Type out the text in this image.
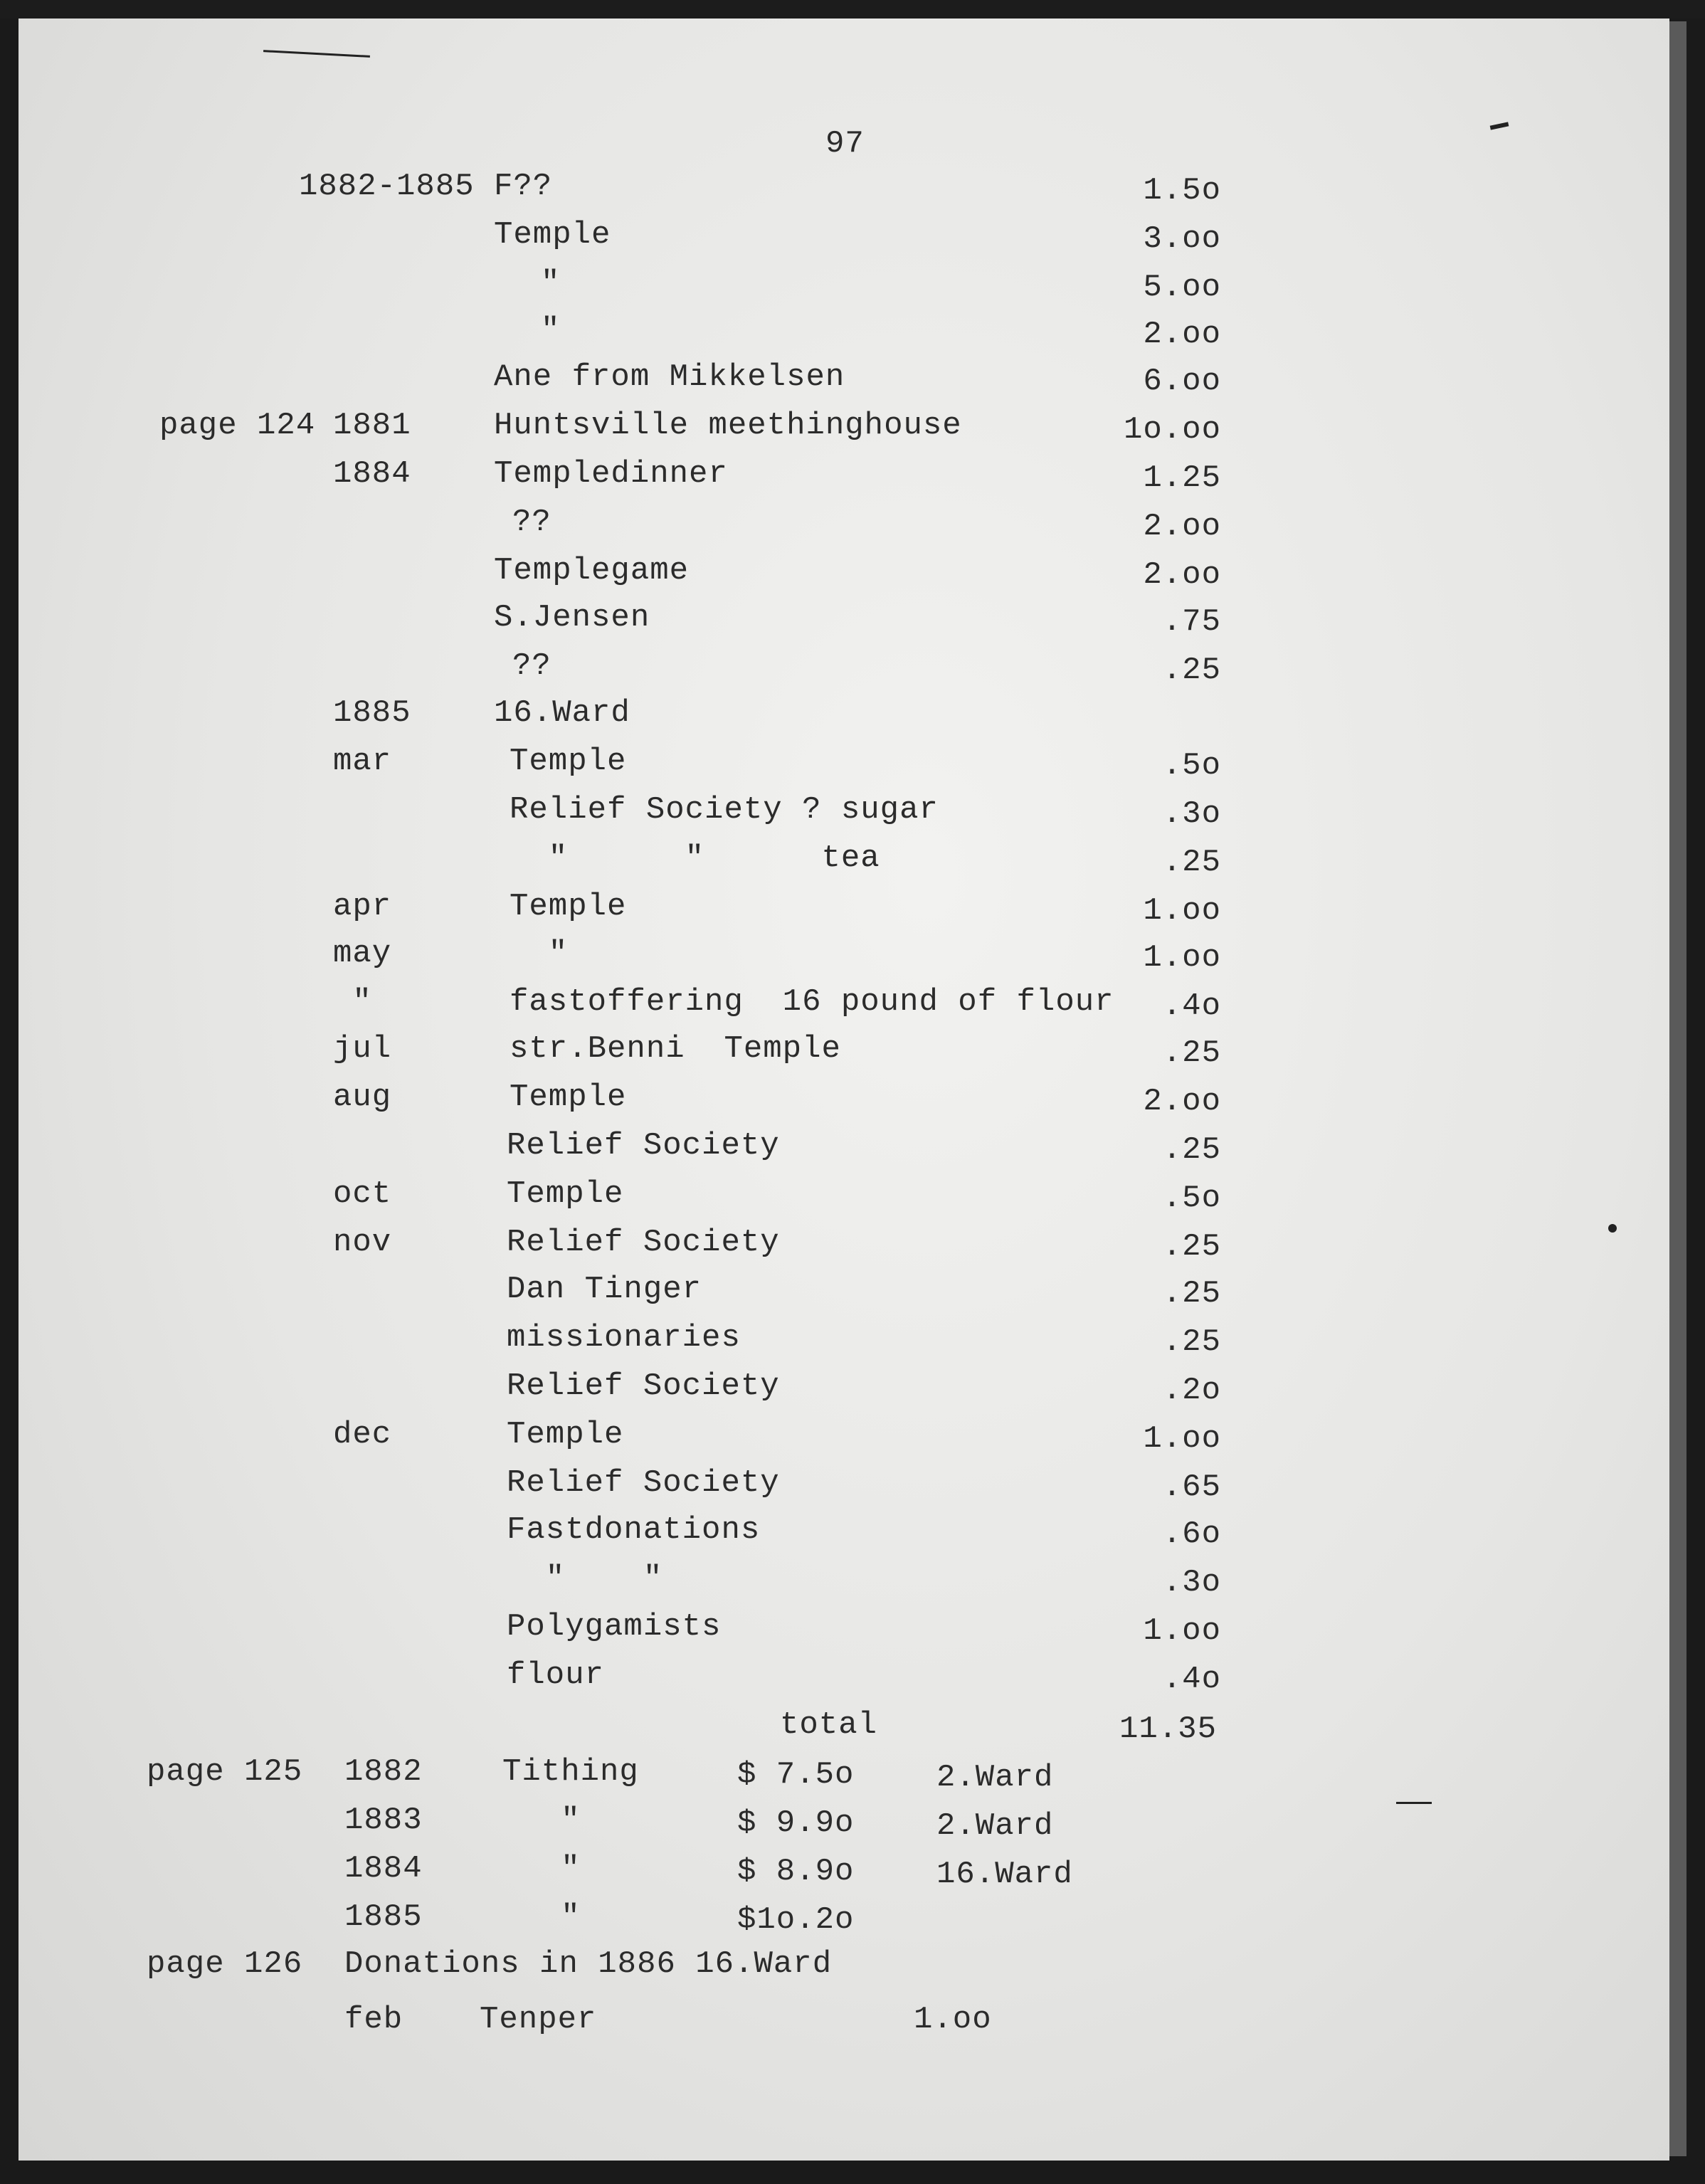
97
1882-1885 F??	1.5o
Temple	3.oo
"	5.oo
"	2.oo
Ane from Mikkelsen	6.oo
page 124 1881	Huntsville meethinghouse	1o.oo
1884	Templedinner	1.25
??	2.oo
Templegame	2.oo
S.Jensen	.75
??	.25
1885	16.Ward
mar	Temple	.5o
Relief Society ? sugar	.3o
"      "      tea	.25
apr	Temple	1.oo
may	"	1.oo
"	fastoffering  16 pound of flour	.4o
jul	str.Benni  Temple	.25
aug	Temple	2.oo
Relief Society	.25
oct	Temple	.5o
nov	Relief Society	.25
Dan Tinger	.25
missionaries	.25
Relief Society	.2o
dec	Temple	1.oo
Relief Society	.65
Fastdonations	.6o
"    "	.3o
Polygamists	1.oo
flour	.4o
total	11.35
page 125 1882	Tithing	$ 7.5o	2.Ward
1883	"	$ 9.9o	2.Ward
1884	"	$ 8.9o	16.Ward
1885	"	$1o.2o
page 126 Donations in 1886 16.Ward
feb Tenper	1.oo
